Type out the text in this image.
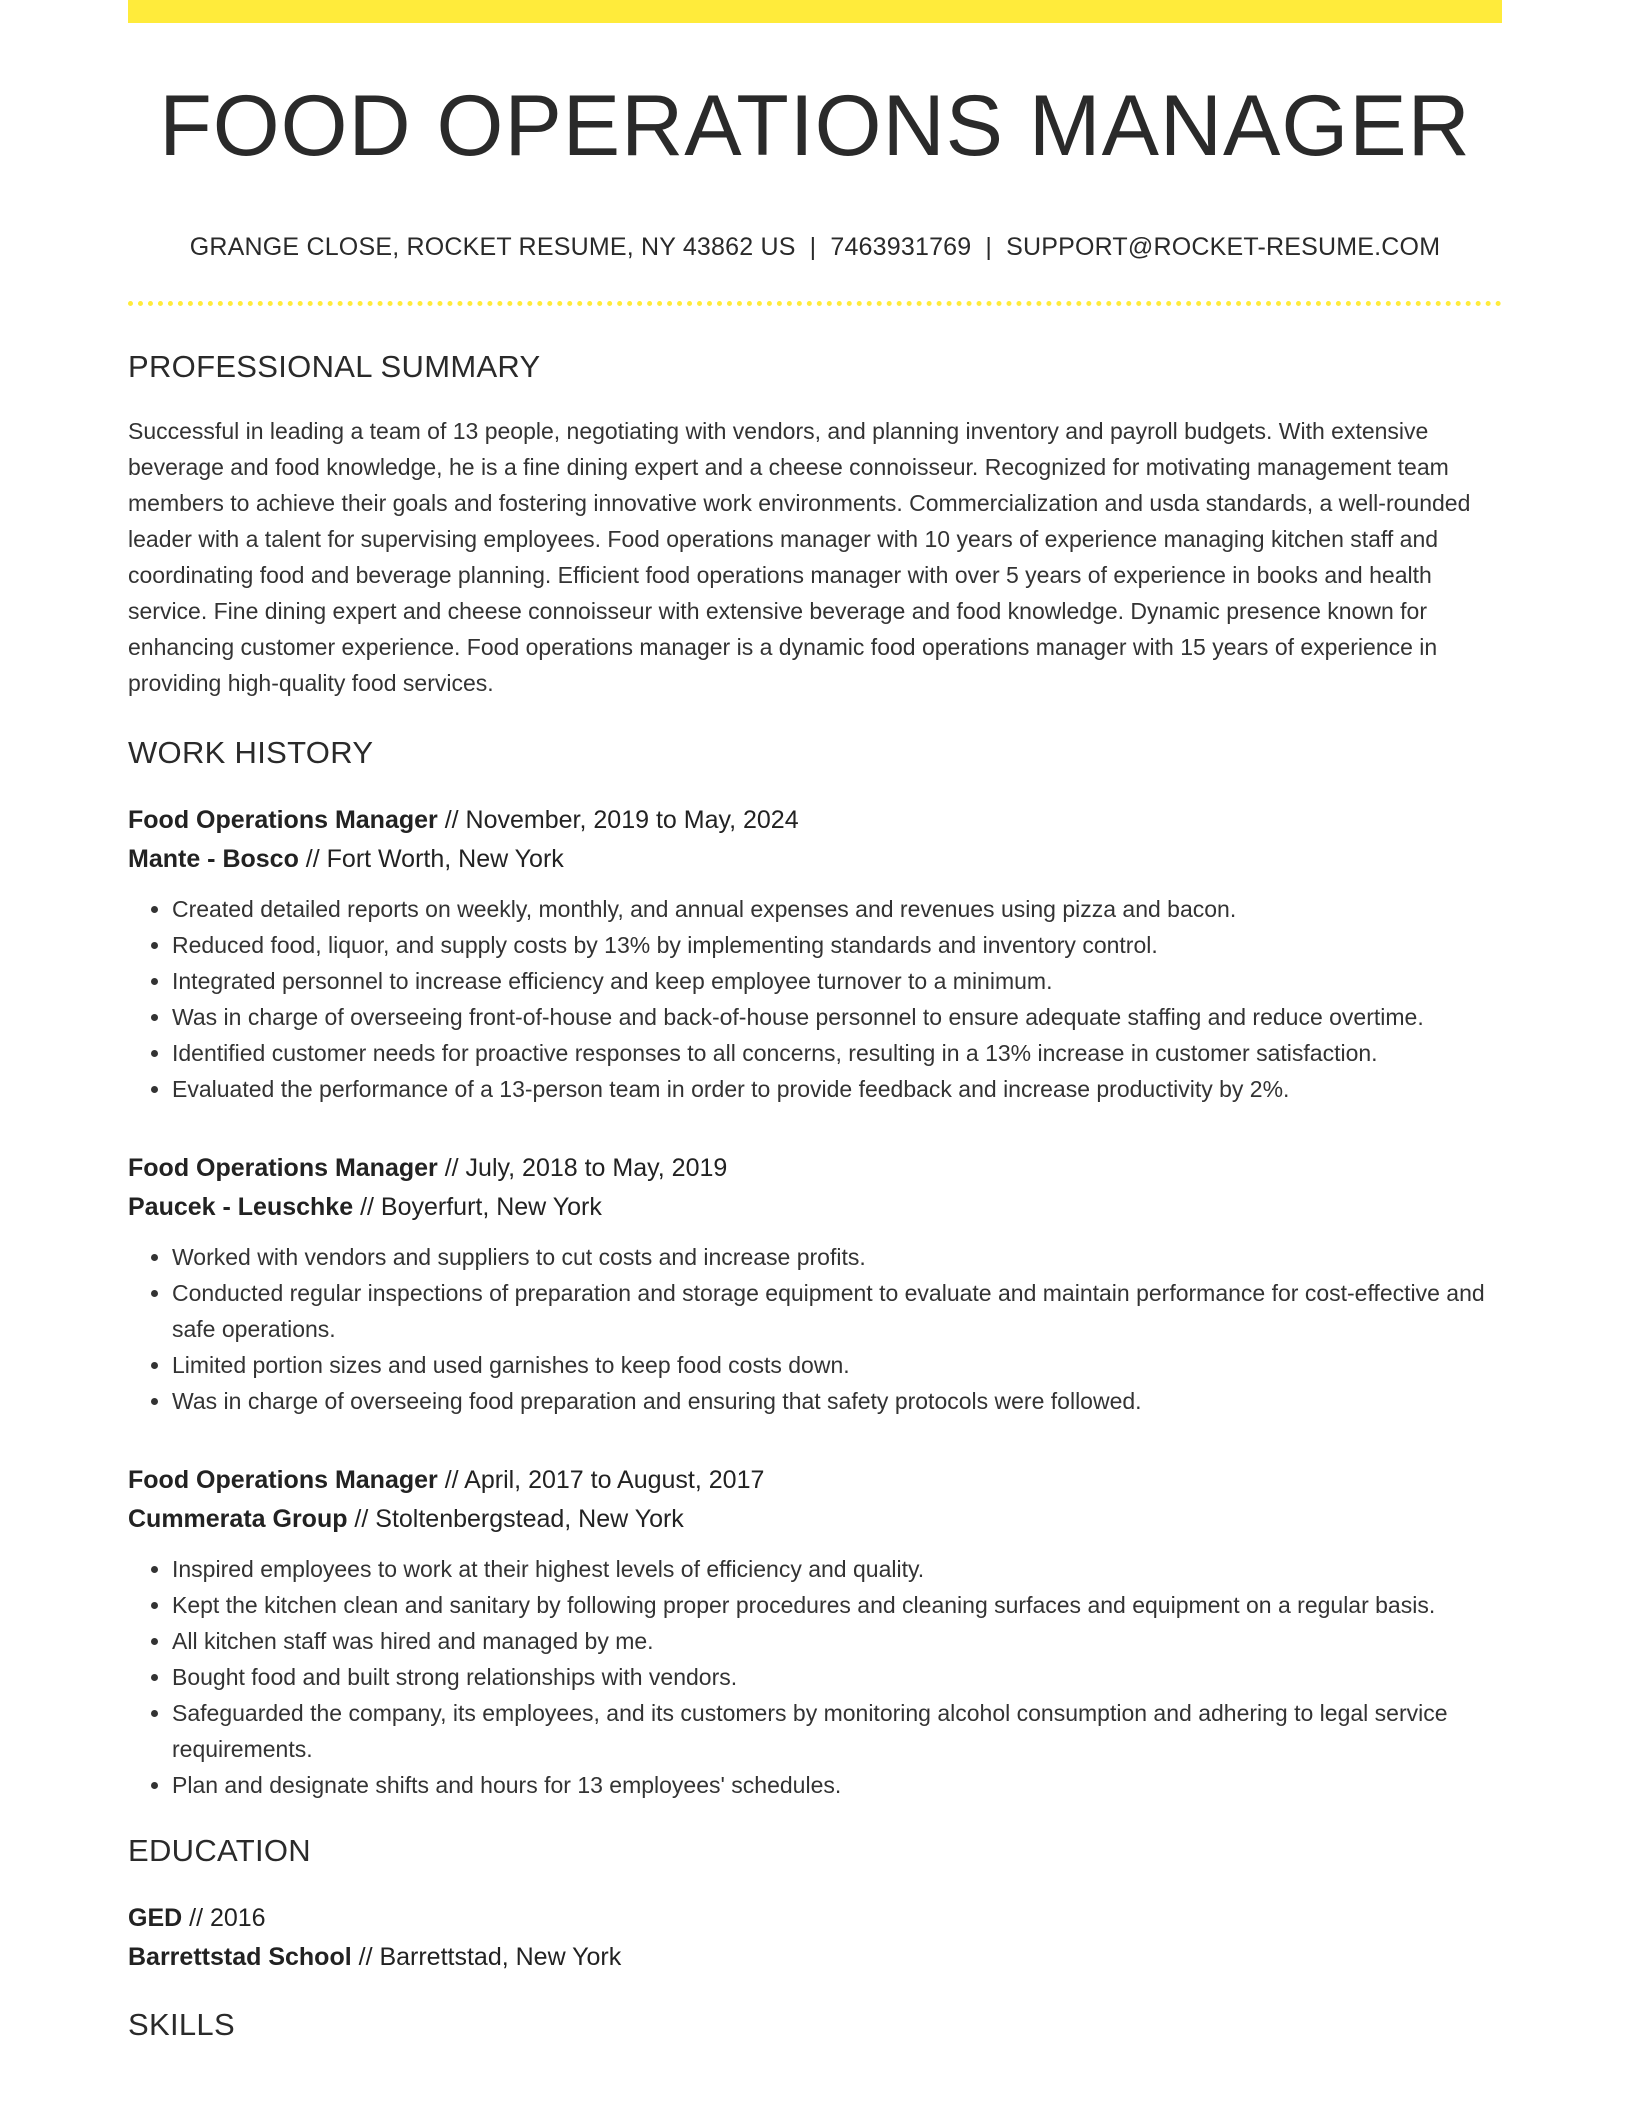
FOOD OPERATIONS MANAGER
GRANGE CLOSE, ROCKET RESUME, NY 43862 US | 7463931769 | SUPPORT@ROCKET-RESUME.COM
PROFESSIONAL SUMMARY

Successful in leading a team of 13 people, negotiating with vendors, and planning inventory and payroll budgets. With extensive beverage and food knowledge, he is a fine dining expert and a cheese connoisseur. Recognized for motivating management team members to achieve their goals and fostering innovative work environments. Commercialization and usda standards, a well-rounded leader with a talent for supervising employees. Food operations manager with 10 years of experience managing kitchen staff and coordinating food and beverage planning. Efficient food operations manager with over 5 years of experience in books and health service. Fine dining expert and cheese connoisseur with extensive beverage and food knowledge. Dynamic presence known for enhancing customer experience. Food operations manager is a dynamic food operations manager with 15 years of experience in providing high-quality food services.

WORK HISTORY
Food Operations Manager // November, 2019 to May, 2024
Mante - Bosco // Fort Worth, New York
• Created detailed reports on weekly, monthly, and annual expenses and revenues using pizza and bacon.
• Reduced food, liquor, and supply costs by 13% by implementing standards and inventory control.
• Integrated personnel to increase efficiency and keep employee turnover to a minimum.
• Was in charge of overseeing front-of-house and back-of-house personnel to ensure adequate staffing and reduce overtime.
• Identified customer needs for proactive responses to all concerns, resulting in a 13% increase in customer satisfaction.
• Evaluated the performance of a 13-person team in order to provide feedback and increase productivity by 2%.
Food Operations Manager // July, 2018 to May, 2019
Paucek - Leuschke // Boyerfurt, New York
• Worked with vendors and suppliers to cut costs and increase profits.
• Conducted regular inspections of preparation and storage equipment to evaluate and maintain performance for cost-effective and safe operations.
• Limited portion sizes and used garnishes to keep food costs down.
• Was in charge of overseeing food preparation and ensuring that safety protocols were followed.
Food Operations Manager // April, 2017 to August, 2017
Cummerata Group // Stoltenbergstead, New York
• Inspired employees to work at their highest levels of efficiency and quality.
• Kept the kitchen clean and sanitary by following proper procedures and cleaning surfaces and equipment on a regular basis.
• All kitchen staff was hired and managed by me.
• Bought food and built strong relationships with vendors.
• Safeguarded the company, its employees, and its customers by monitoring alcohol consumption and adhering to legal service requirements.
• Plan and designate shifts and hours for 13 employees' schedules.
EDUCATION
GED // 2016
Barrettstad School // Barrettstad, New York
SKILLS
